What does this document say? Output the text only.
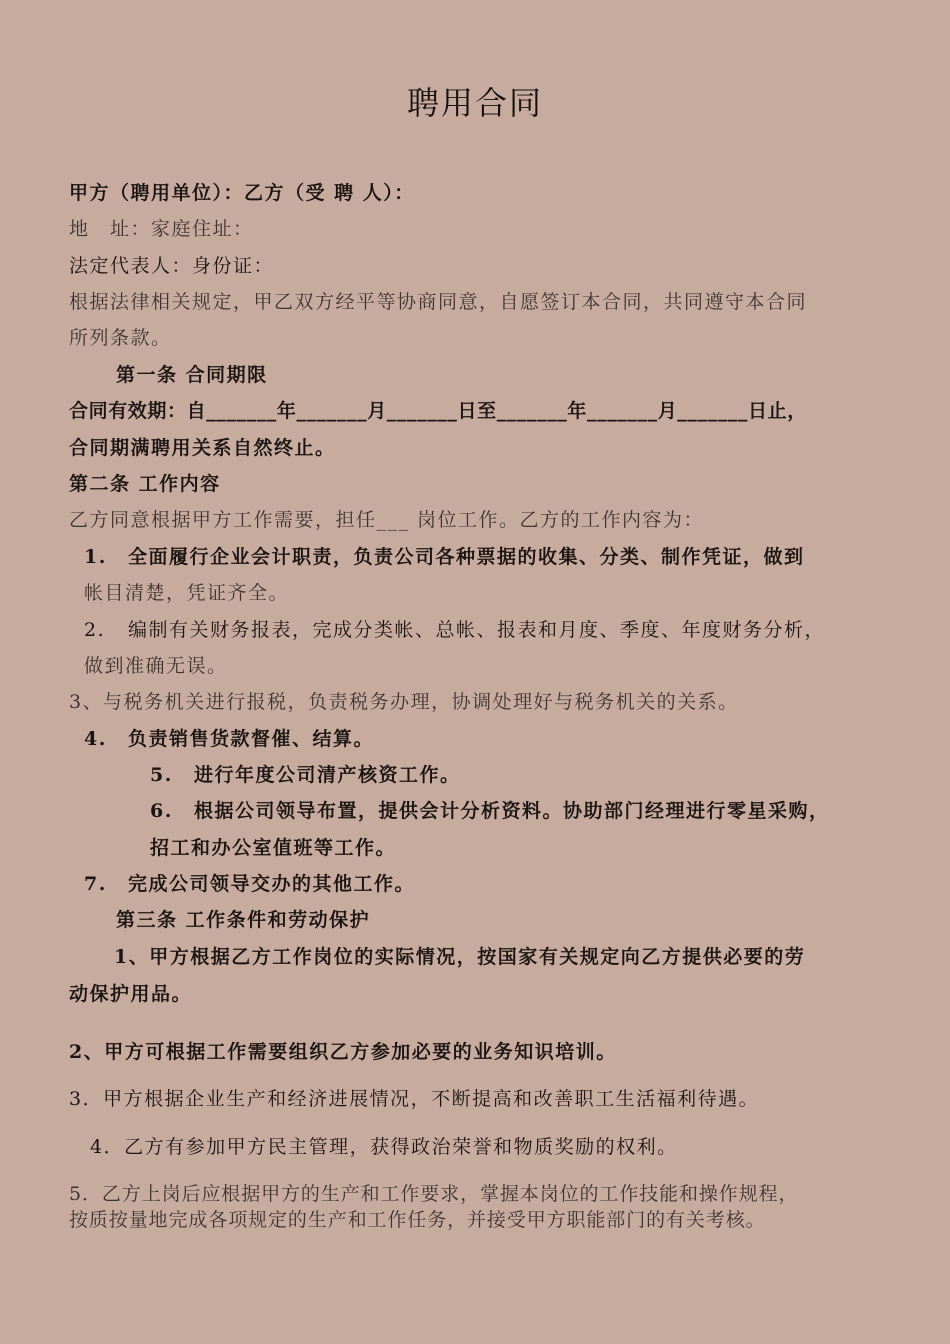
聘用合同
甲方（聘用单位）：乙方（受 聘 人）：
地　址：家庭住址：
法定代表人：身份证：
根据法律相关规定，甲乙双方经平等协商同意，自愿签订本合同，共同遵守本合同
所列条款。
第一条 合同期限
合同有效期：自_______年_______月_______日至_______年_______月_______日止，
合同期满聘用关系自然终止。
第二条 工作内容
乙方同意根据甲方工作需要，担任___ 岗位工作。乙方的工作内容为：
1. 全面履行企业会计职责，负责公司各种票据的收集、分类、制作凭证，做到
帐目清楚，凭证齐全。
2. 编制有关财务报表，完成分类帐、总帐、报表和月度、季度、年度财务分析，
做到准确无误。
3、与税务机关进行报税，负责税务办理，协调处理好与税务机关的关系。
4. 负责销售货款督催、结算。
5. 进行年度公司清产核资工作。
6. 根据公司领导布置，提供会计分析资料。协助部门经理进行零星采购，
招工和办公室值班等工作。
7. 完成公司领导交办的其他工作。
第三条 工作条件和劳动保护
1、甲方根据乙方工作岗位的实际情况，按国家有关规定向乙方提供必要的劳
动保护用品。
2、甲方可根据工作需要组织乙方参加必要的业务知识培训。
3．甲方根据企业生产和经济进展情况，不断提高和改善职工生活福利待遇。
4．乙方有参加甲方民主管理，获得政治荣誉和物质奖励的权利。
5．乙方上岗后应根据甲方的生产和工作要求，掌握本岗位的工作技能和操作规程，
按质按量地完成各项规定的生产和工作任务，并接受甲方职能部门的有关考核。
